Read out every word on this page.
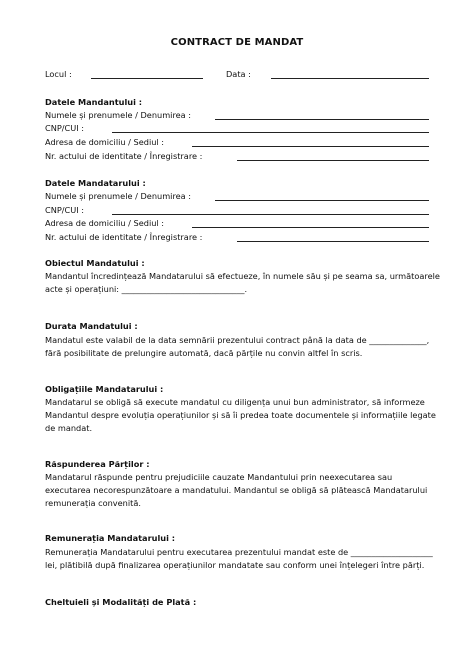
CONTRACT DE MANDAT
Locul :	Data :
Datele Mandantului :
Numele și prenumele / Denumirea :
CNP/CUI :
Adresa de domiciliu / Sediul :
Nr. actului de identitate / Înregistrare :
Datele Mandatarului :
Numele și prenumele / Denumirea :
CNP/CUI :
Adresa de domiciliu / Sediul :
Nr. actului de identitate / Înregistrare :
Obiectul Mandatului :
Mandantul încredințează Mandatarului să efectueze, în numele său și pe seama sa, următoarele acte și operațiuni: ______________________________.
Durata Mandatului :
Mandatul este valabil de la data semnării prezentului contract până la data de ______________, fără posibilitate de prelungire automată, dacă părțile nu convin altfel în scris.
Obligațiile Mandatarului :
Mandatarul se obligă să execute mandatul cu diligența unui bun administrator, să informeze Mandantul despre evoluția operațiunilor și să îi predea toate documentele și informațiile legate de mandat.
Răspunderea Părților :
Mandatarul răspunde pentru prejudiciile cauzate Mandantului prin neexecutarea sau executarea necorespunzătoare a mandatului. Mandantul se obligă să plătească Mandatarului remunerația convenită.
Remunerația Mandatarului :
Remunerația Mandatarului pentru executarea prezentului mandat este de ____________________ lei, plătibilă după finalizarea operațiunilor mandatate sau conform unei înțelegeri între părți.
Cheltuieli și Modalități de Plată :
